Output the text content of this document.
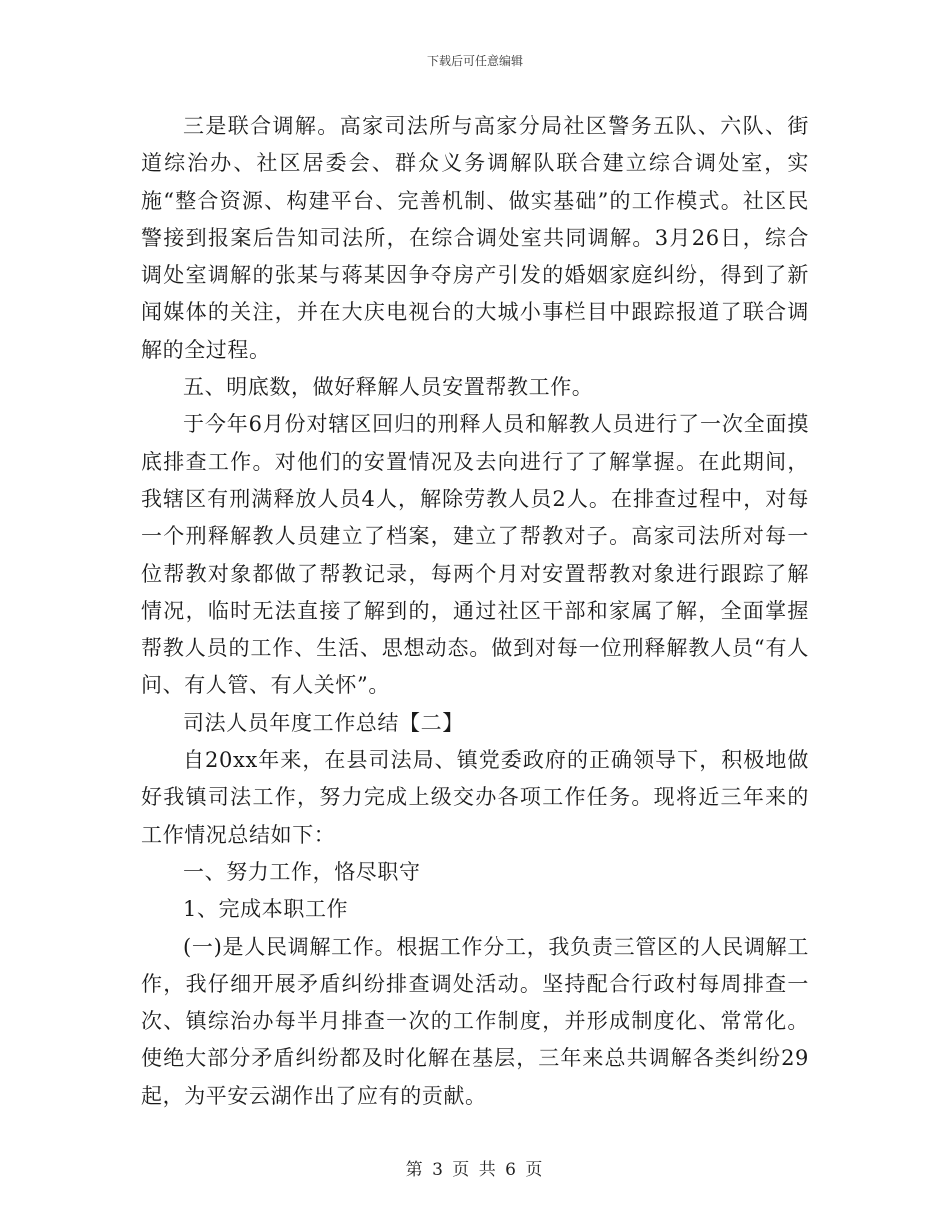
下载后可任意编辑

三是联合调解。高家司法所与高家分局社区警务五队、六队、街道综治办、社区居委会、群众义务调解队联合建立综合调处室，实施“整合资源、构建平台、完善机制、做实基础”的工作模式。社区民警接到报案后告知司法所，在综合调处室共同调解。3月26日，综合调处室调解的张某与蒋某因争夺房产引发的婚姻家庭纠纷，得到了新闻媒体的关注，并在大庆电视台的大城小事栏目中跟踪报道了联合调解的全过程。

五、明底数，做好释解人员安置帮教工作。

于今年6月份对辖区回归的刑释人员和解教人员进行了一次全面摸底排查工作。对他们的安置情况及去向进行了了解掌握。在此期间，我辖区有刑满释放人员4人，解除劳教人员2人。在排查过程中，对每一个刑释解教人员建立了档案，建立了帮教对子。高家司法所对每一位帮教对象都做了帮教记录，每两个月对安置帮教对象进行跟踪了解情况，临时无法直接了解到的，通过社区干部和家属了解，全面掌握帮教人员的工作、生活、思想动态。做到对每一位刑释解教人员“有人问、有人管、有人关怀”。

司法人员年度工作总结【二】

自20xx年来，在县司法局、镇党委政府的正确领导下，积极地做好我镇司法工作，努力完成上级交办各项工作任务。现将近三年来的工作情况总结如下：

一、努力工作，恪尽职守

1、完成本职工作

(一)是人民调解工作。根据工作分工，我负责三管区的人民调解工作，我仔细开展矛盾纠纷排查调处活动。坚持配合行政村每周排查一次、镇综治办每半月排查一次的工作制度，并形成制度化、常常化。使绝大部分矛盾纠纷都及时化解在基层，三年来总共调解各类纠纷29起，为平安云湖作出了应有的贡献。

第 3 页 共 6 页
